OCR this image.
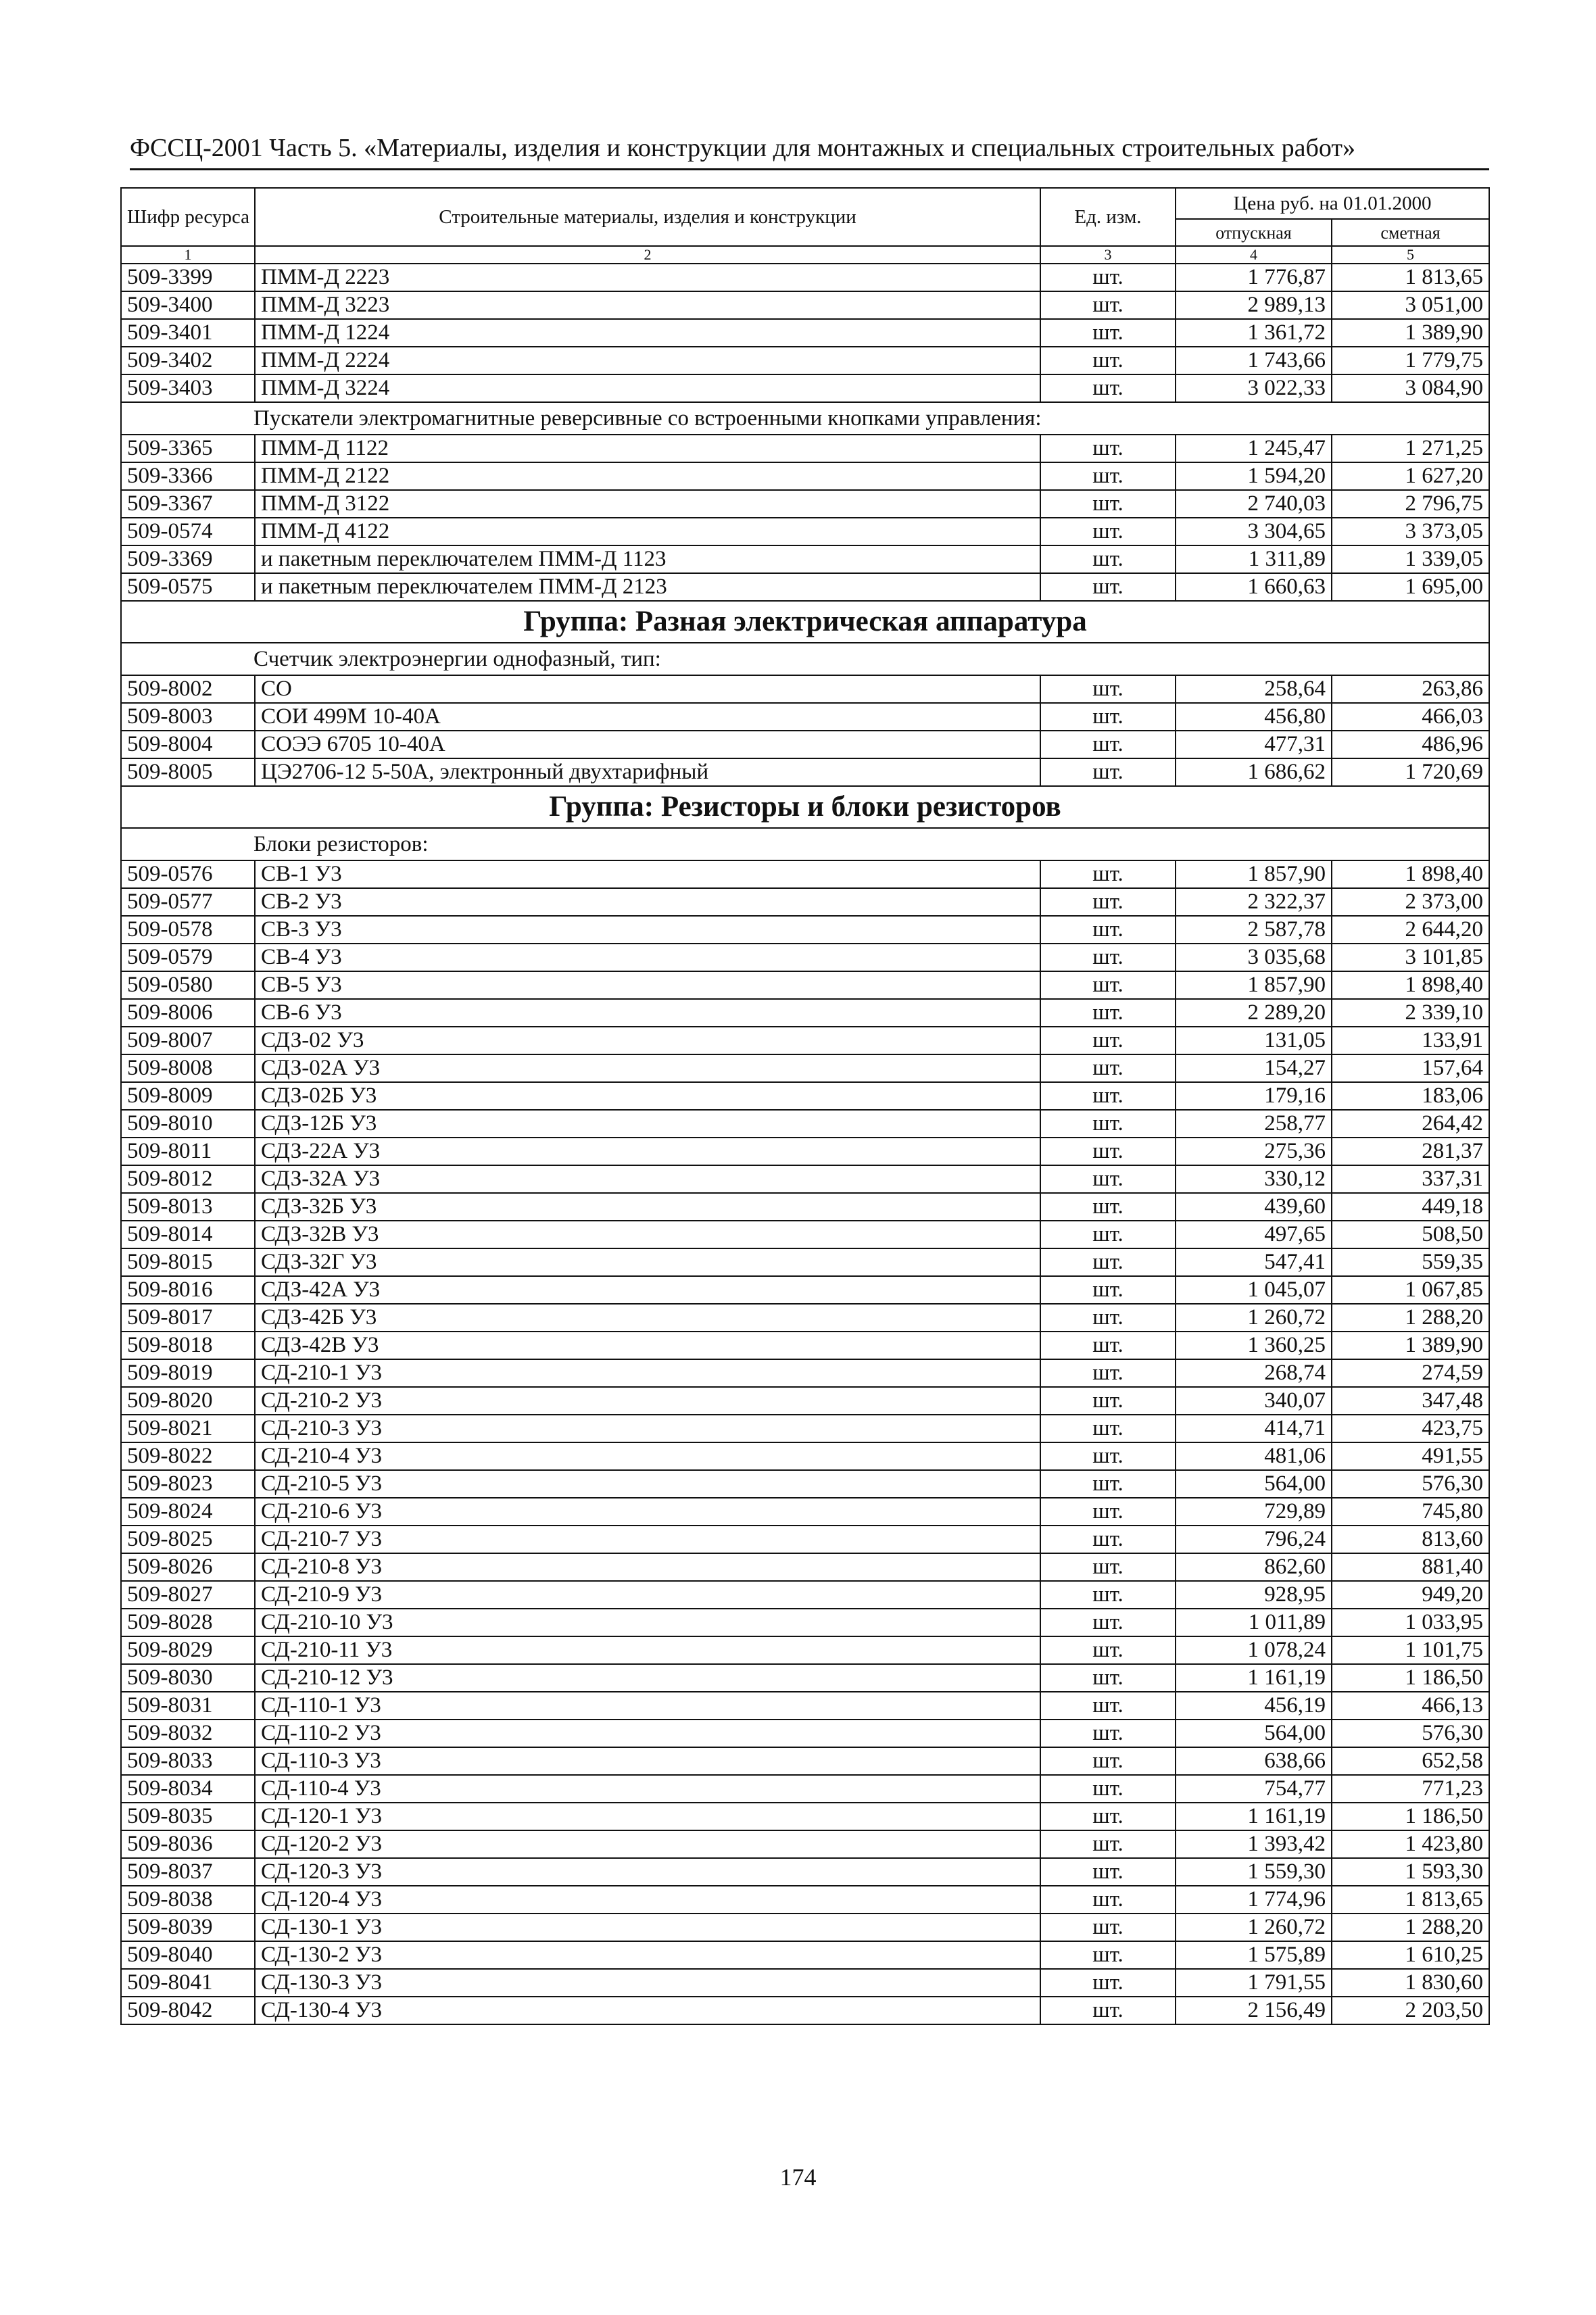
ФССЦ-2001 Часть 5. «Материалы, изделия и конструкции для монтажных и специальных строительных работ»
Шифр ресурса	Строительные материалы, изделия и конструкции	Ед. изм.	Цена руб. на 01.01.2000	
			отпускная	сметная
1	2	3	4	5
509-3399	ПММ-Д 2223	шт.	1 776,87	1 813,65
509-3400	ПММ-Д 3223	шт.	2 989,13	3 051,00
509-3401	ПММ-Д 1224	шт.	1 361,72	1 389,90
509-3402	ПММ-Д 2224	шт.	1 743,66	1 779,75
509-3403	ПММ-Д 3224	шт.	3 022,33	3 084,90
Пускатели электромагнитные реверсивные со встроенными кнопками управления:				
509-3365	ПММ-Д 1122	шт.	1 245,47	1 271,25
509-3366	ПММ-Д 2122	шт.	1 594,20	1 627,20
509-3367	ПММ-Д 3122	шт.	2 740,03	2 796,75
509-0574	ПММ-Д 4122	шт.	3 304,65	3 373,05
509-3369	и пакетным переключателем ПММ-Д 1123	шт.	1 311,89	1 339,05
509-0575	и пакетным переключателем ПММ-Д 2123	шт.	1 660,63	1 695,00
Группа: Разная электрическая аппаратура				
Счетчик электроэнергии однофазный, тип:				
509-8002	СО	шт.	258,64	263,86
509-8003	СОИ 499М 10-40А	шт.	456,80	466,03
509-8004	СОЭЭ 6705 10-40А	шт.	477,31	486,96
509-8005	ЦЭ2706-12 5-50А, электронный двухтарифный	шт.	1 686,62	1 720,69
Группа: Резисторы и блоки резисторов				
Блоки резисторов:				
509-0576	СВ-1 У3	шт.	1 857,90	1 898,40
509-0577	СВ-2 У3	шт.	2 322,37	2 373,00
509-0578	СВ-3 У3	шт.	2 587,78	2 644,20
509-0579	СВ-4 У3	шт.	3 035,68	3 101,85
509-0580	СВ-5 У3	шт.	1 857,90	1 898,40
509-8006	СВ-6 У3	шт.	2 289,20	2 339,10
509-8007	СДЗ-02 У3	шт.	131,05	133,91
509-8008	СДЗ-02А У3	шт.	154,27	157,64
509-8009	СДЗ-02Б У3	шт.	179,16	183,06
509-8010	СДЗ-12Б У3	шт.	258,77	264,42
509-8011	СДЗ-22А У3	шт.	275,36	281,37
509-8012	СДЗ-32А У3	шт.	330,12	337,31
509-8013	СДЗ-32Б У3	шт.	439,60	449,18
509-8014	СДЗ-32В У3	шт.	497,65	508,50
509-8015	СДЗ-32Г У3	шт.	547,41	559,35
509-8016	СДЗ-42А У3	шт.	1 045,07	1 067,85
509-8017	СДЗ-42Б У3	шт.	1 260,72	1 288,20
509-8018	СДЗ-42В У3	шт.	1 360,25	1 389,90
509-8019	СД-210-1 У3	шт.	268,74	274,59
509-8020	СД-210-2 У3	шт.	340,07	347,48
509-8021	СД-210-3 У3	шт.	414,71	423,75
509-8022	СД-210-4 У3	шт.	481,06	491,55
509-8023	СД-210-5 У3	шт.	564,00	576,30
509-8024	СД-210-6 У3	шт.	729,89	745,80
509-8025	СД-210-7 У3	шт.	796,24	813,60
509-8026	СД-210-8 У3	шт.	862,60	881,40
509-8027	СД-210-9 У3	шт.	928,95	949,20
509-8028	СД-210-10 У3	шт.	1 011,89	1 033,95
509-8029	СД-210-11 У3	шт.	1 078,24	1 101,75
509-8030	СД-210-12 У3	шт.	1 161,19	1 186,50
509-8031	СД-110-1 У3	шт.	456,19	466,13
509-8032	СД-110-2 У3	шт.	564,00	576,30
509-8033	СД-110-3 У3	шт.	638,66	652,58
509-8034	СД-110-4 У3	шт.	754,77	771,23
509-8035	СД-120-1 У3	шт.	1 161,19	1 186,50
509-8036	СД-120-2 У3	шт.	1 393,42	1 423,80
509-8037	СД-120-3 У3	шт.	1 559,30	1 593,30
509-8038	СД-120-4 У3	шт.	1 774,96	1 813,65
509-8039	СД-130-1 У3	шт.	1 260,72	1 288,20
509-8040	СД-130-2 У3	шт.	1 575,89	1 610,25
509-8041	СД-130-3 У3	шт.	1 791,55	1 830,60
509-8042	СД-130-4 У3	шт.	2 156,49	2 203,50
174
